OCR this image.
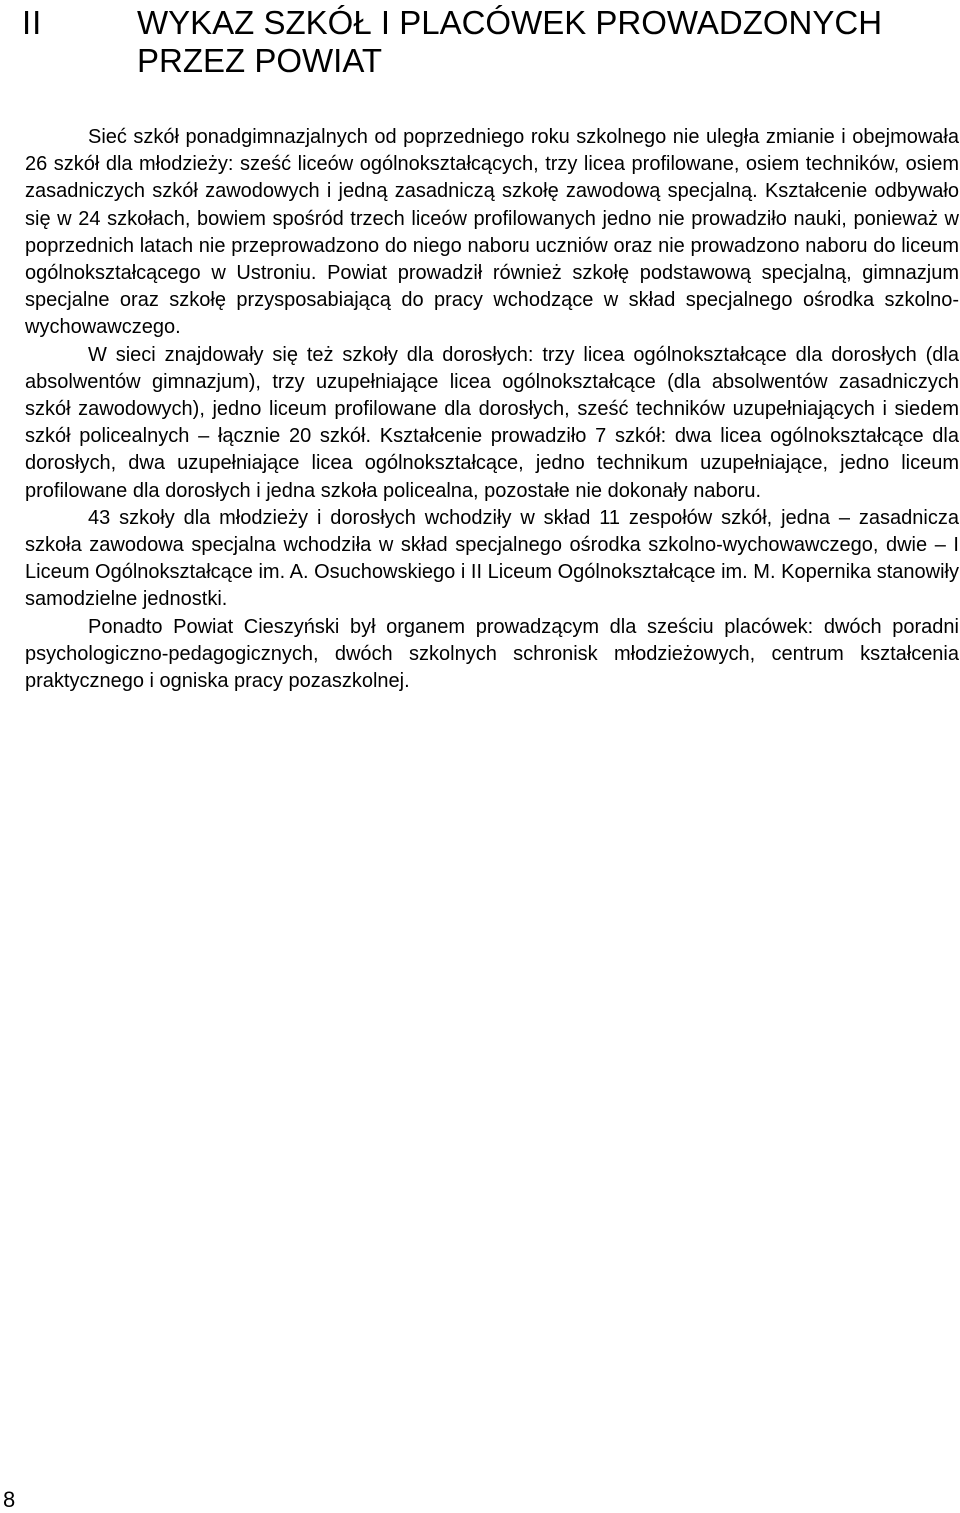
II	WYKAZ SZKÓŁ I PLACÓWEK PROWADZONYCH PRZEZ POWIAT

Sieć szkół ponadgimnazjalnych od poprzedniego roku szkolnego nie uległa zmianie i obejmowała 26 szkół dla młodzieży: sześć liceów ogólnokształcących, trzy licea profilowane, osiem techników, osiem zasadniczych szkół zawodowych i jedną zasadniczą szkołę zawodową specjalną. Kształcenie odbywało się w 24 szkołach, bowiem spośród trzech liceów profilowanych jedno nie prowadziło nauki, ponieważ w poprzednich latach nie przeprowadzono do niego naboru uczniów oraz nie prowadzono naboru do liceum ogólnokształcącego w Ustroniu. Powiat prowadził również szkołę podstawową specjalną, gimnazjum specjalne oraz szkołę przysposabiającą do pracy wchodzące w skład specjalnego ośrodka szkolno-wychowawczego.

W sieci znajdowały się też szkoły dla dorosłych: trzy licea ogólnokształcące dla dorosłych (dla absolwentów gimnazjum), trzy uzupełniające licea ogólnokształcące (dla absolwentów zasadniczych szkół zawodowych), jedno liceum profilowane dla dorosłych, sześć techników uzupełniających i siedem szkół policealnych – łącznie 20 szkół. Kształcenie prowadziło 7 szkół: dwa licea ogólnokształcące dla dorosłych, dwa uzupełniające licea ogólnokształcące, jedno technikum uzupełniające, jedno liceum profilowane dla dorosłych i jedna szkoła policealna, pozostałe nie dokonały naboru.

43 szkoły dla młodzieży i dorosłych wchodziły w skład 11 zespołów szkół, jedna – zasadnicza szkoła zawodowa specjalna wchodziła w skład specjalnego ośrodka szkolno-wychowawczego, dwie – I Liceum Ogólnokształcące im. A. Osuchowskiego i II Liceum Ogólnokształcące im. M. Kopernika stanowiły samodzielne jednostki.

Ponadto Powiat Cieszyński był organem prowadzącym dla sześciu placówek: dwóch poradni psychologiczno-pedagogicznych, dwóch szkolnych schronisk młodzieżowych, centrum kształcenia praktycznego i ogniska pracy pozaszkolnej.

8
